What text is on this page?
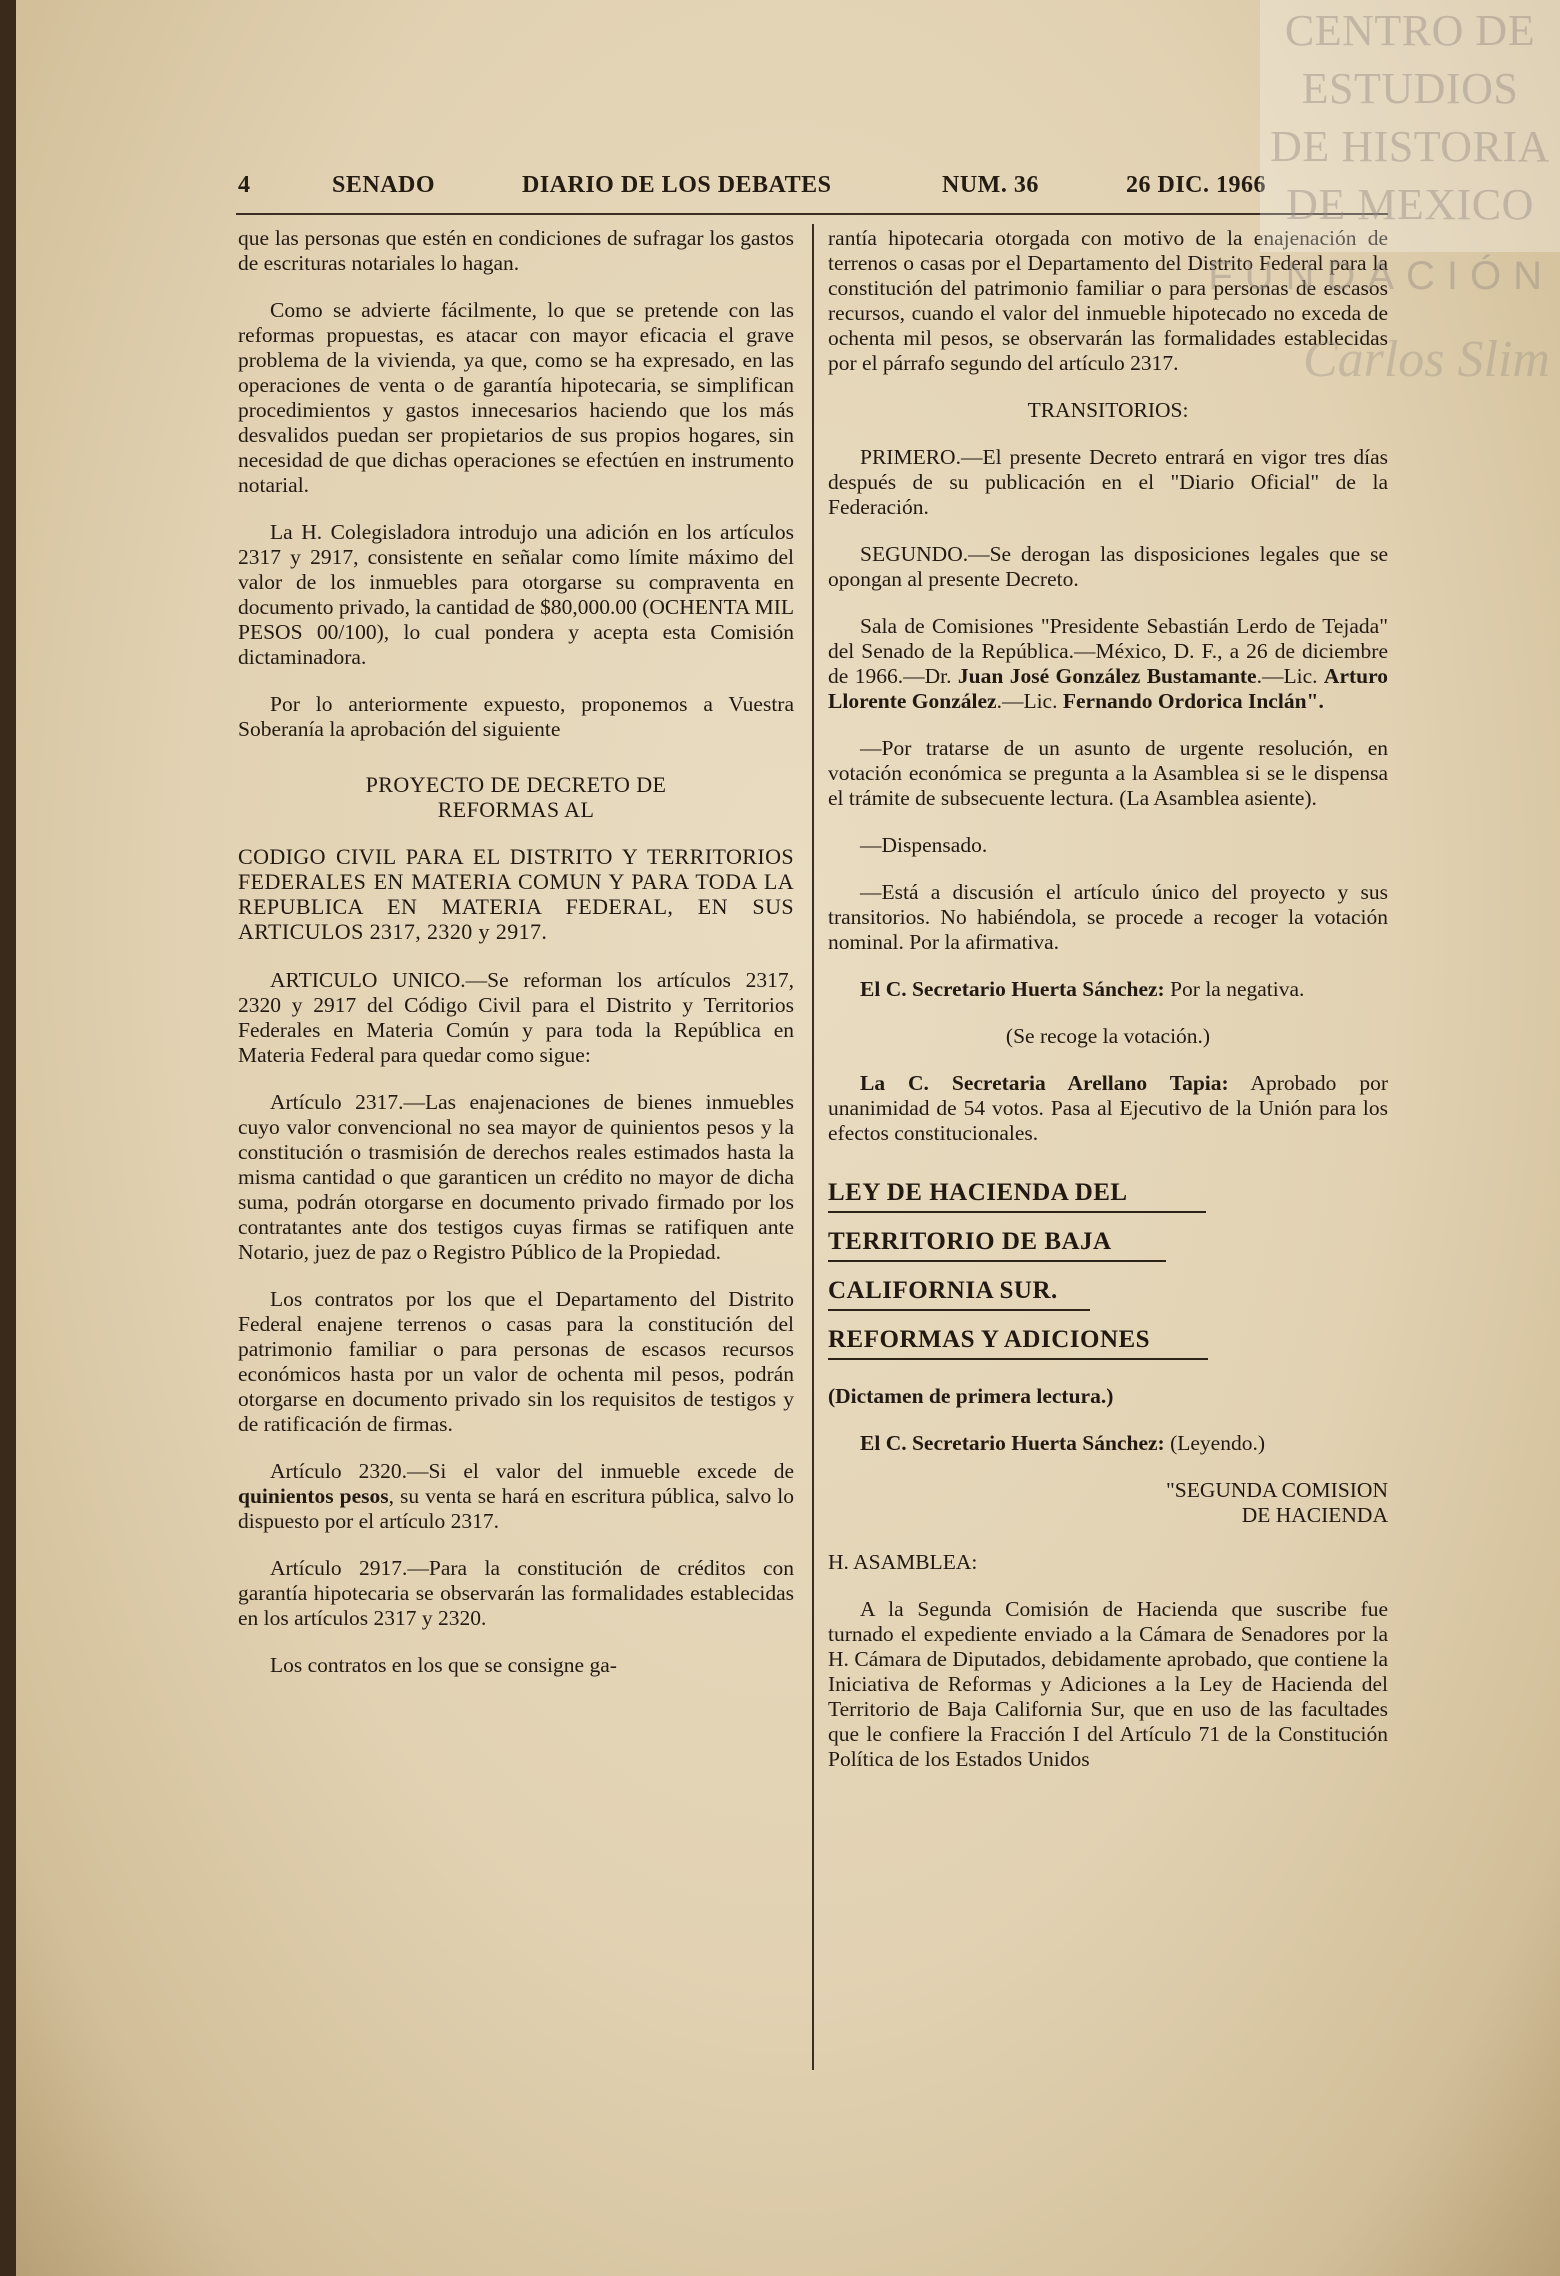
4	SENADO	DIARIO DE LOS DEBATES	NUM. 36	26 DIC. 1966

que las personas que estén en condiciones de sufragar los gastos de escrituras notariales lo hagan.

Como se advierte fácilmente, lo que se pretende con las reformas propuestas, es atacar con mayor eficacia el grave problema de la vivienda, ya que, como se ha expresado, en las operaciones de venta o de garantía hipotecaria, se simplifican procedimientos y gastos innecesarios haciendo que los más desvalidos puedan ser propietarios de sus propios hogares, sin necesidad de que dichas operaciones se efectúen en instrumento notarial.

La H. Colegisladora introdujo una adición en los artículos 2317 y 2917, consistente en señalar como límite máximo del valor de los inmuebles para otorgarse su compraventa en documento privado, la cantidad de $80,000.00 (OCHENTA MIL PESOS 00/100), lo cual pondera y acepta esta Comisión dictaminadora.

Por lo anteriormente expuesto, proponemos a Vuestra Soberanía la aprobación del siguiente

PROYECTO DE DECRETO DE REFORMAS AL

CODIGO CIVIL PARA EL DISTRITO Y TERRITORIOS FEDERALES EN MATERIA COMUN Y PARA TODA LA REPUBLICA EN MATERIA FEDERAL, EN SUS ARTICULOS 2317, 2320 y 2917.

ARTICULO UNICO.—Se reforman los artículos 2317, 2320 y 2917 del Código Civil para el Distrito y Territorios Federales en Materia Común y para toda la República en Materia Federal para quedar como sigue:

Artículo 2317.—Las enajenaciones de bienes inmuebles cuyo valor convencional no sea mayor de quinientos pesos y la constitución o trasmisión de derechos reales estimados hasta la misma cantidad o que garanticen un crédito no mayor de dicha suma, podrán otorgarse en documento privado firmado por los contratantes ante dos testigos cuyas firmas se ratifiquen ante Notario, juez de paz o Registro Público de la Propiedad.

Los contratos por los que el Departamento del Distrito Federal enajene terrenos o casas para la constitución del patrimonio familiar o para personas de escasos recursos económicos hasta por un valor de ochenta mil pesos, podrán otorgarse en documento privado sin los requisitos de testigos y de ratificación de firmas.

Artículo 2320.—Si el valor del inmueble excede de quinientos pesos, su venta se hará en escritura pública, salvo lo dispuesto por el artículo 2317.

Artículo 2917.—Para la constitución de créditos con garantía hipotecaria se observarán las formalidades establecidas en los artículos 2317 y 2320.

Los contratos en los que se consigne ga-

rantía hipotecaria otorgada con motivo de la enajenación de terrenos o casas por el Departamento del Distrito Federal para la constitución del patrimonio familiar o para personas de escasos recursos, cuando el valor del inmueble hipotecado no exceda de ochenta mil pesos, se observarán las formalidades establecidas por el párrafo segundo del artículo 2317.

TRANSITORIOS:

PRIMERO.—El presente Decreto entrará en vigor tres días después de su publicación en el "Diario Oficial" de la Federación.

SEGUNDO.—Se derogan las disposiciones legales que se opongan al presente Decreto.

Sala de Comisiones "Presidente Sebastián Lerdo de Tejada" del Senado de la República.—México, D. F., a 26 de diciembre de 1966.—Dr. Juan José González Bustamante.—Lic. Arturo Llorente González.—Lic. Fernando Ordorica Inclán".

—Por tratarse de un asunto de urgente resolución, en votación económica se pregunta a la Asamblea si se le dispensa el trámite de subsecuente lectura. (La Asamblea asiente).

—Dispensado.

—Está a discusión el artículo único del proyecto y sus transitorios. No habiéndola, se procede a recoger la votación nominal. Por la afirmativa.

El C. Secretario Huerta Sánchez: Por la negativa.

(Se recoge la votación.)

La C. Secretaria Arellano Tapia: Aprobado por unanimidad de 54 votos. Pasa al Ejecutivo de la Unión para los efectos constitucionales.

LEY DE HACIENDA DEL
TERRITORIO DE BAJA
CALIFORNIA SUR.
REFORMAS Y ADICIONES

(Dictamen de primera lectura.)

El C. Secretario Huerta Sánchez: (Leyendo.)

"SEGUNDA COMISION

DE HACIENDA

H. ASAMBLEA:

A la Segunda Comisión de Hacienda que suscribe fue turnado el expediente enviado a la Cámara de Senadores por la H. Cámara de Diputados, debidamente aprobado, que contiene la Iniciativa de Reformas y Adiciones a la Ley de Hacienda del Territorio de Baja California Sur, que en uso de las facultades que le confiere la Fracción I del Artículo 71 de la Constitución Política de los Estados Unidos

CENTRO DE
ESTUDIOS
DE HISTORIA
DE MEXICO
FUNDACIÓN
Carlos Slim
